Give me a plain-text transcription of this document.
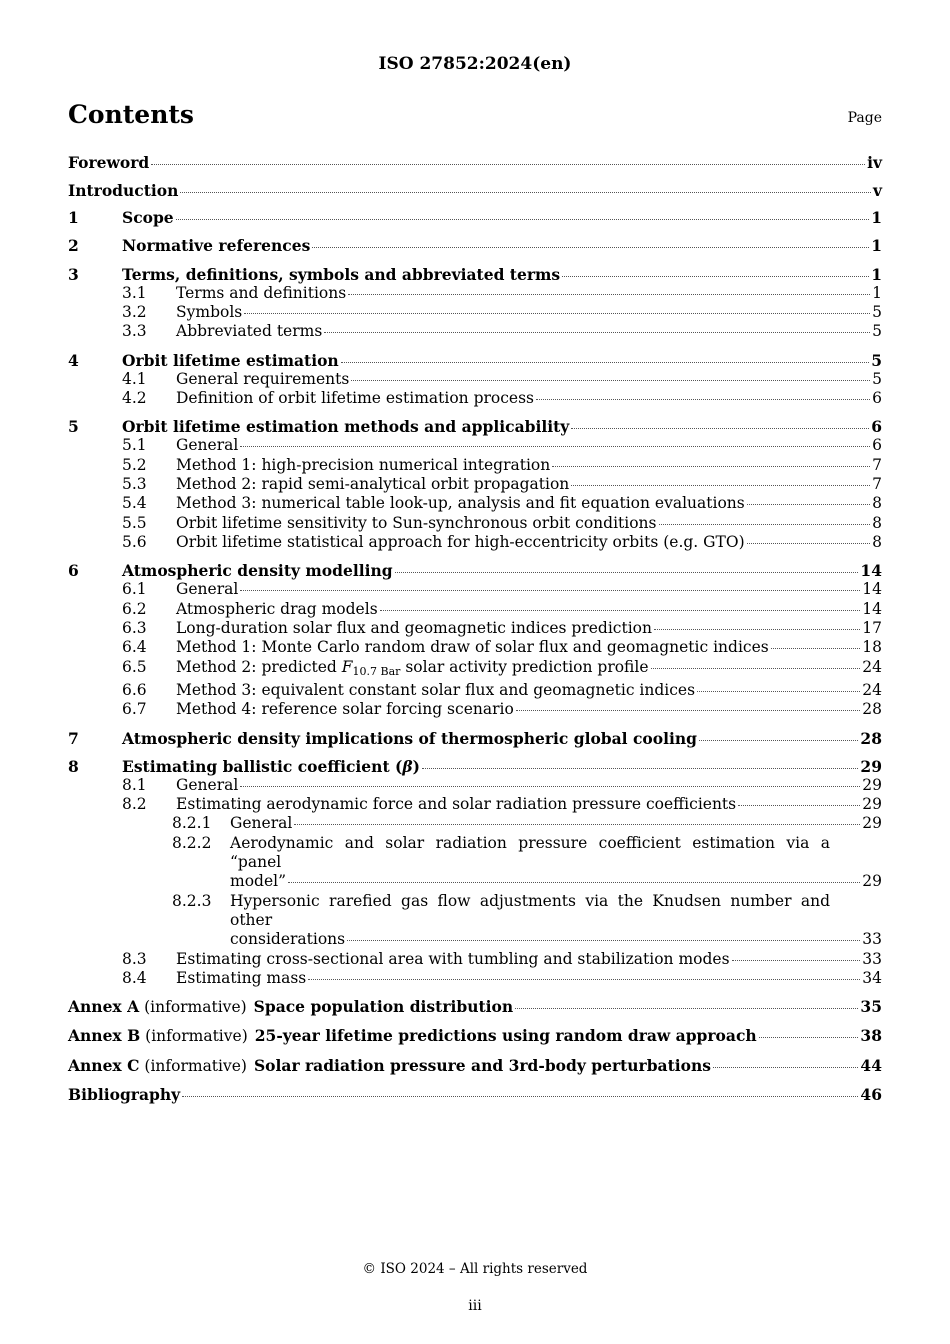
ISO 27852:2024(en)
Contents	Page
Foreword	iv
Introduction	v
1	Scope	1
2	Normative references	1
3	Terms, definitions, symbols and abbreviated terms	1
3.1	Terms and definitions	1
3.2	Symbols	5
3.3	Abbreviated terms	5
4	Orbit lifetime estimation	5
4.1	General requirements	5
4.2	Definition of orbit lifetime estimation process	6
5	Orbit lifetime estimation methods and applicability	6
5.1	General	6
5.2	Method 1: high-precision numerical integration	7
5.3	Method 2: rapid semi-analytical orbit propagation	7
5.4	Method 3: numerical table look-up, analysis and fit equation evaluations	8
5.5	Orbit lifetime sensitivity to Sun-synchronous orbit conditions	8
5.6	Orbit lifetime statistical approach for high-eccentricity orbits (e.g. GTO)	8
6	Atmospheric density modelling	14
6.1	General	14
6.2	Atmospheric drag models	14
6.3	Long-duration solar flux and geomagnetic indices prediction	17
6.4	Method 1: Monte Carlo random draw of solar flux and geomagnetic indices	18
6.5	Method 2: predicted $F_{10.7 Bar}$ solar activity prediction profile	24
6.6	Method 3: equivalent constant solar flux and geomagnetic indices	24
6.7	Method 4: reference solar forcing scenario	28
7	Atmospheric density implications of thermospheric global cooling	28
8	Estimating ballistic coefficient (β)	29
8.1	General	29
8.2	Estimating aerodynamic force and solar radiation pressure coefficients	29
8.2.1	General	29
8.2.2	Aerodynamic and solar radiation pressure coefficient estimation via a “panel
model”	29
8.2.3	Hypersonic rarefied gas flow adjustments via the Knudsen number and other
considerations	33
8.3	Estimating cross-sectional area with tumbling and stabilization modes	33
8.4	Estimating mass	34
Annex A (informative) Space population distribution	35
Annex B (informative) 25-year lifetime predictions using random draw approach	38
Annex C (informative) Solar radiation pressure and 3rd-body perturbations	44
Bibliography	46
© ISO 2024 – All rights reserved
iii
